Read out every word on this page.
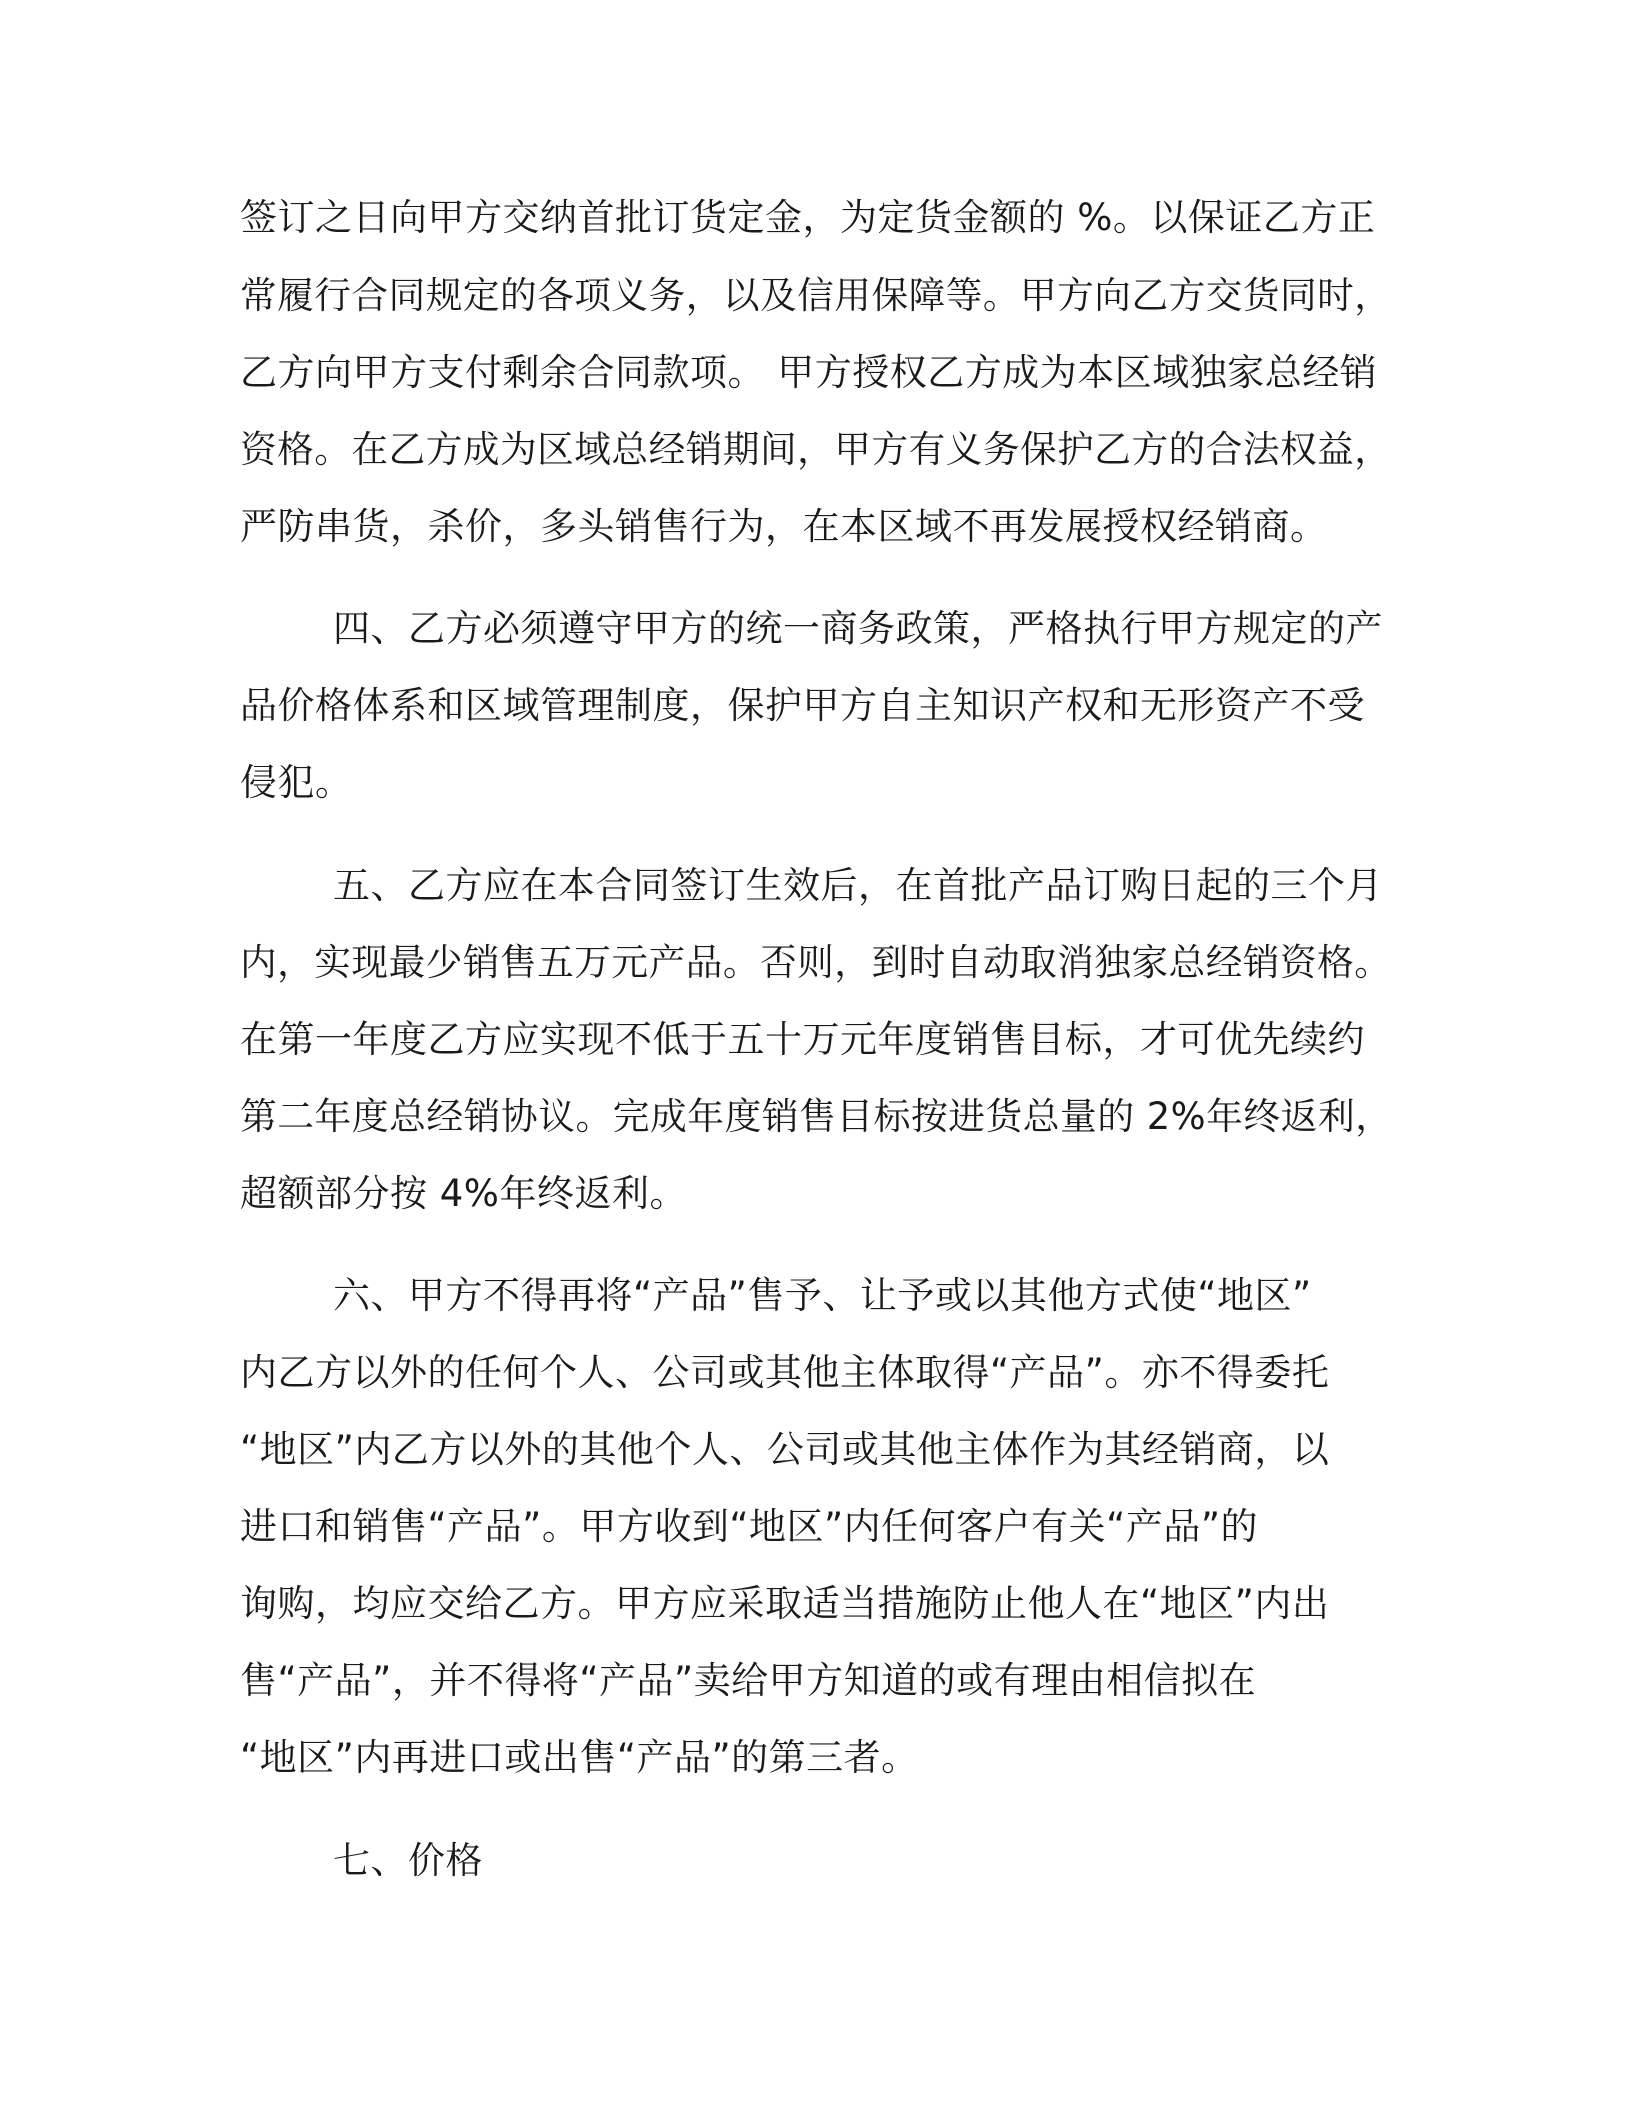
签订之日向甲方交纳首批订货定金，为定货金额的 %。以保证乙方正
常履行合同规定的各项义务，以及信用保障等。甲方向乙方交货同时，
乙方向甲方支付剩余合同款项。 甲方授权乙方成为本区域独家总经销
资格。在乙方成为区域总经销期间，甲方有义务保护乙方的合法权益，
严防串货，杀价，多头销售行为，在本区域不再发展授权经销商。
四、乙方必须遵守甲方的统一商务政策，严格执行甲方规定的产
品价格体系和区域管理制度，保护甲方自主知识产权和无形资产不受
侵犯。
五、乙方应在本合同签订生效后，在首批产品订购日起的三个月
内，实现最少销售五万元产品。否则，到时自动取消独家总经销资格。
在第一年度乙方应实现不低于五十万元年度销售目标，才可优先续约
第二年度总经销协议。完成年度销售目标按进货总量的 2%年终返利，
超额部分按 4%年终返利。
六、甲方不得再将“产品”售予、让予或以其他方式使“地区”
内乙方以外的任何个人、公司或其他主体取得“产品”。亦不得委托
“地区”内乙方以外的其他个人、公司或其他主体作为其经销商，以
进口和销售“产品”。甲方收到“地区”内任何客户有关“产品”的
询购，均应交给乙方。甲方应采取适当措施防止他人在“地区”内出
售“产品”，并不得将“产品”卖给甲方知道的或有理由相信拟在
“地区”内再进口或出售“产品”的第三者。
七、价格
